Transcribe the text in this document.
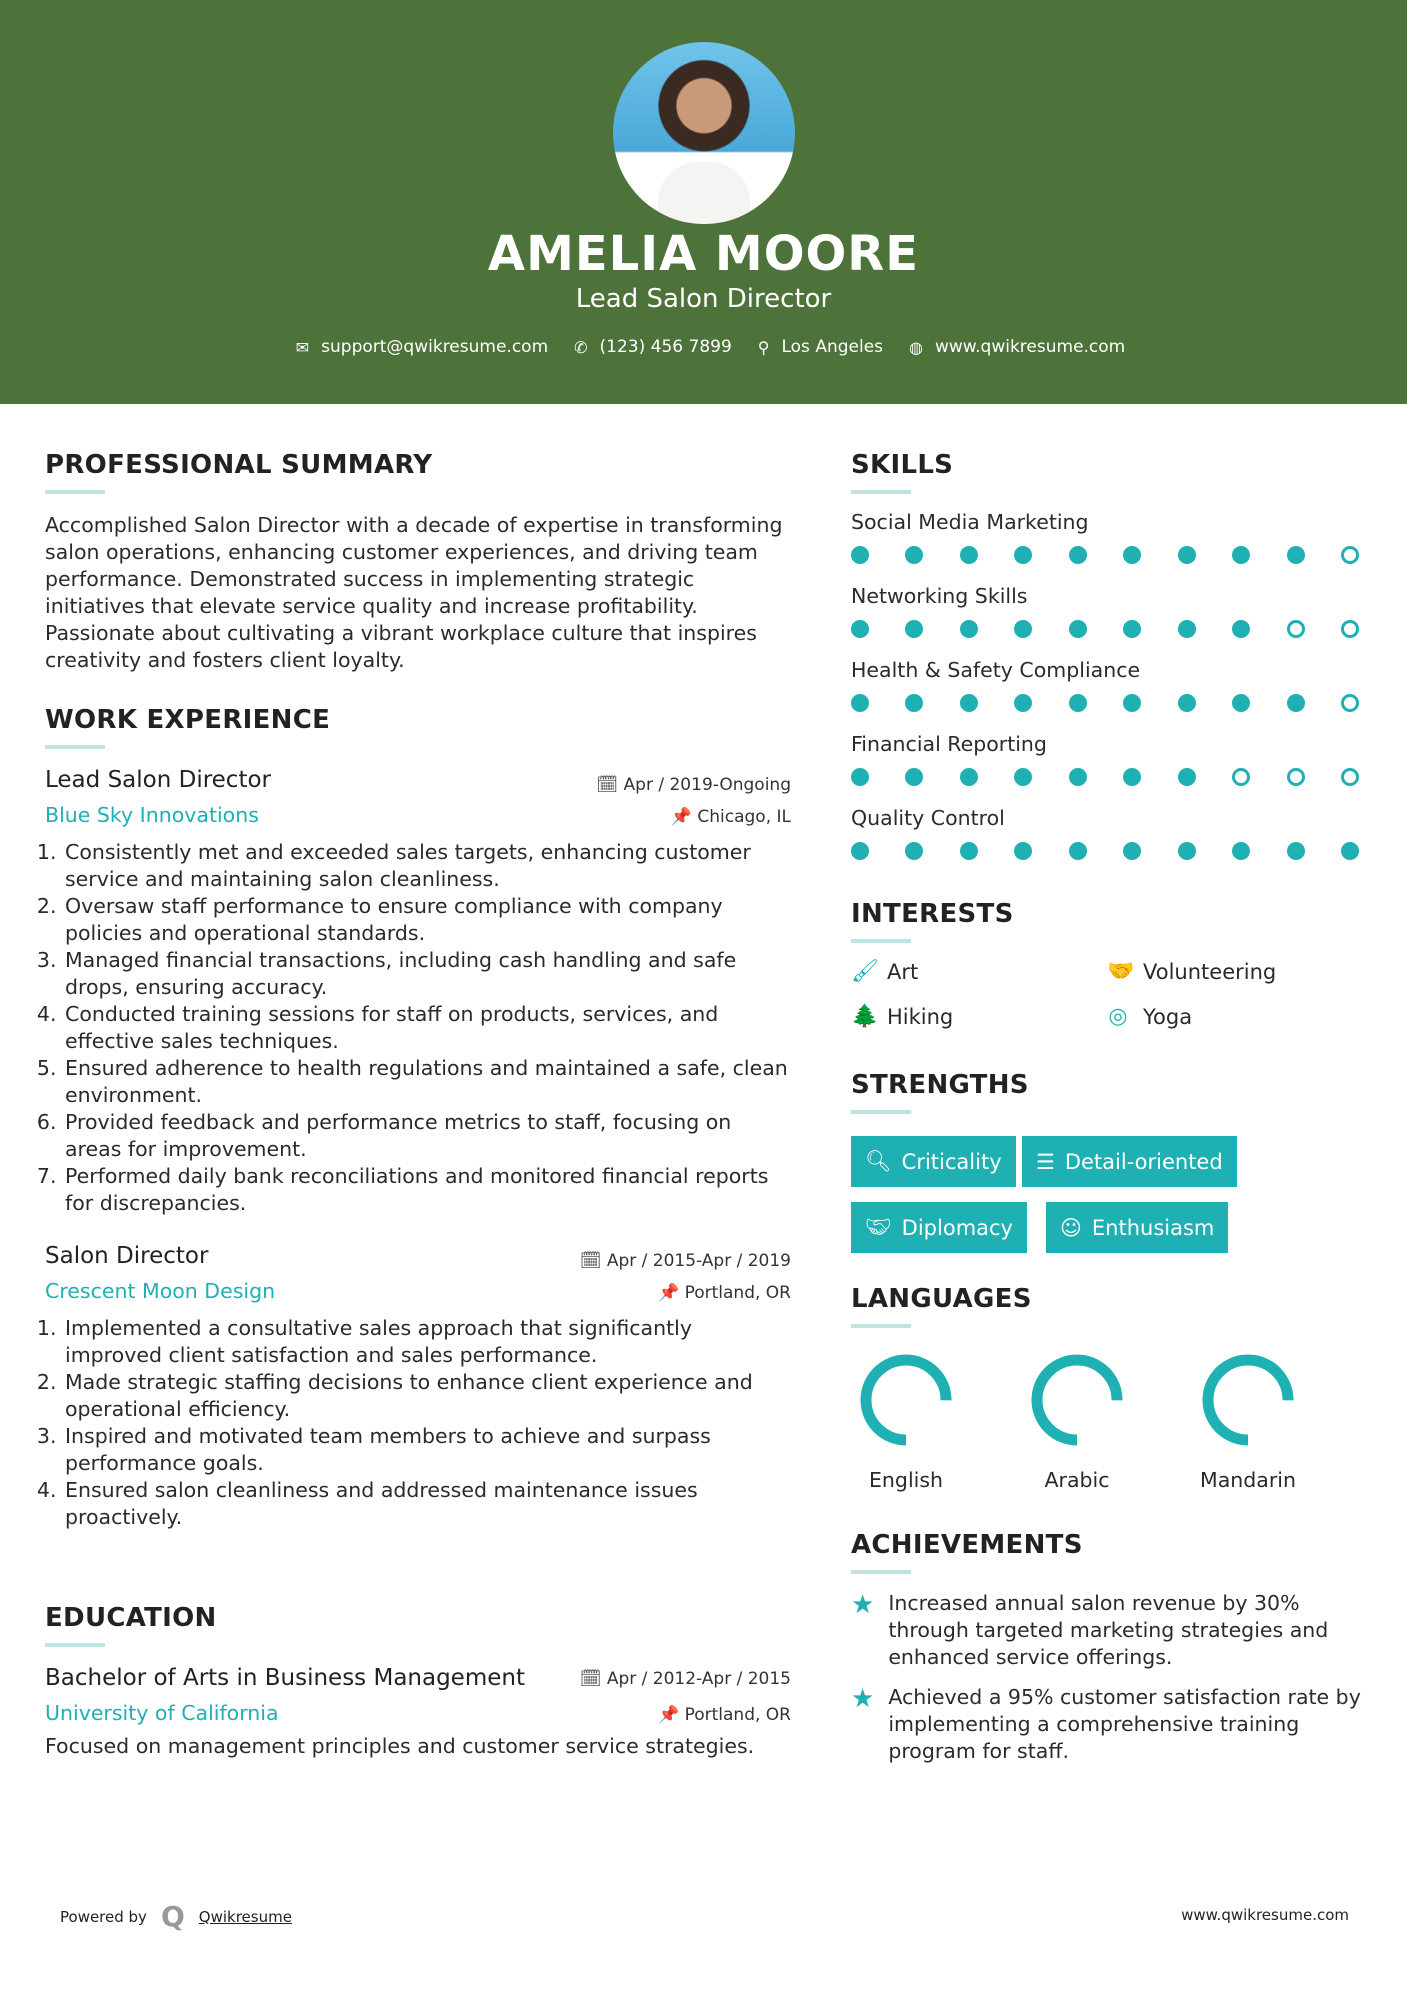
AMELIA MOORE
Lead Salon Director
✉ support@qwikresume.com ✆ (123) 456 7899 ⚲ Los Angeles ◍ www.qwikresume.com
PROFESSIONAL SUMMARY
Accomplished Salon Director with a decade of expertise in transforming salon operations, enhancing customer experiences, and driving team performance. Demonstrated success in implementing strategic initiatives that elevate service quality and increase profitability. Passionate about cultivating a vibrant workplace culture that inspires creativity and fosters client loyalty.
WORK EXPERIENCE
Lead Salon Director	🗓 Apr / 2019-Ongoing
Blue Sky Innovations	📌 Chicago, IL
1. Consistently met and exceeded sales targets, enhancing customer service and maintaining salon cleanliness.
2. Oversaw staff performance to ensure compliance with company policies and operational standards.
3. Managed financial transactions, including cash handling and safe drops, ensuring accuracy.
4. Conducted training sessions for staff on products, services, and effective sales techniques.
5. Ensured adherence to health regulations and maintained a safe, clean environment.
6. Provided feedback and performance metrics to staff, focusing on areas for improvement.
7. Performed daily bank reconciliations and monitored financial reports for discrepancies.
Salon Director	🗓 Apr / 2015-Apr / 2019
Crescent Moon Design	📌 Portland, OR
1. Implemented a consultative sales approach that significantly improved client satisfaction and sales performance.
2. Made strategic staffing decisions to enhance client experience and operational efficiency.
3. Inspired and motivated team members to achieve and surpass performance goals.
4. Ensured salon cleanliness and addressed maintenance issues proactively.
EDUCATION
Bachelor of Arts in Business Management	🗓 Apr / 2012-Apr / 2015
University of California	📌 Portland, OR
Focused on management principles and customer service strategies.
SKILLS
Social Media Marketing
Networking Skills
Health & Safety Compliance
Financial Reporting
Quality Control
INTERESTS
🖌 Art	🤝 Volunteering
🌲 Hiking	◎ Yoga
STRENGTHS
🔍︎ Criticality ☰ Detail-oriented
🤝︎ Diplomacy ☺ Enthusiasm
LANGUAGES
English	Arabic	Mandarin
ACHIEVEMENTS
★ Increased annual salon revenue by 30% through targeted marketing strategies and enhanced service offerings.
★ Achieved a 95% customer satisfaction rate by implementing a comprehensive training program for staff.
Powered by Q Qwikresume	www.qwikresume.com
